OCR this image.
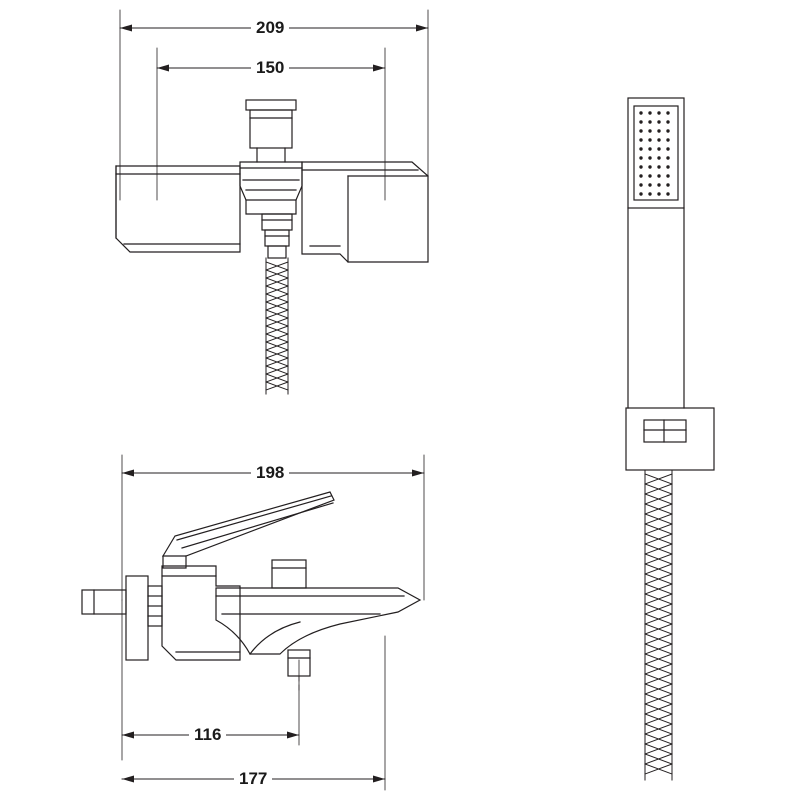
209
150
198
116
177
